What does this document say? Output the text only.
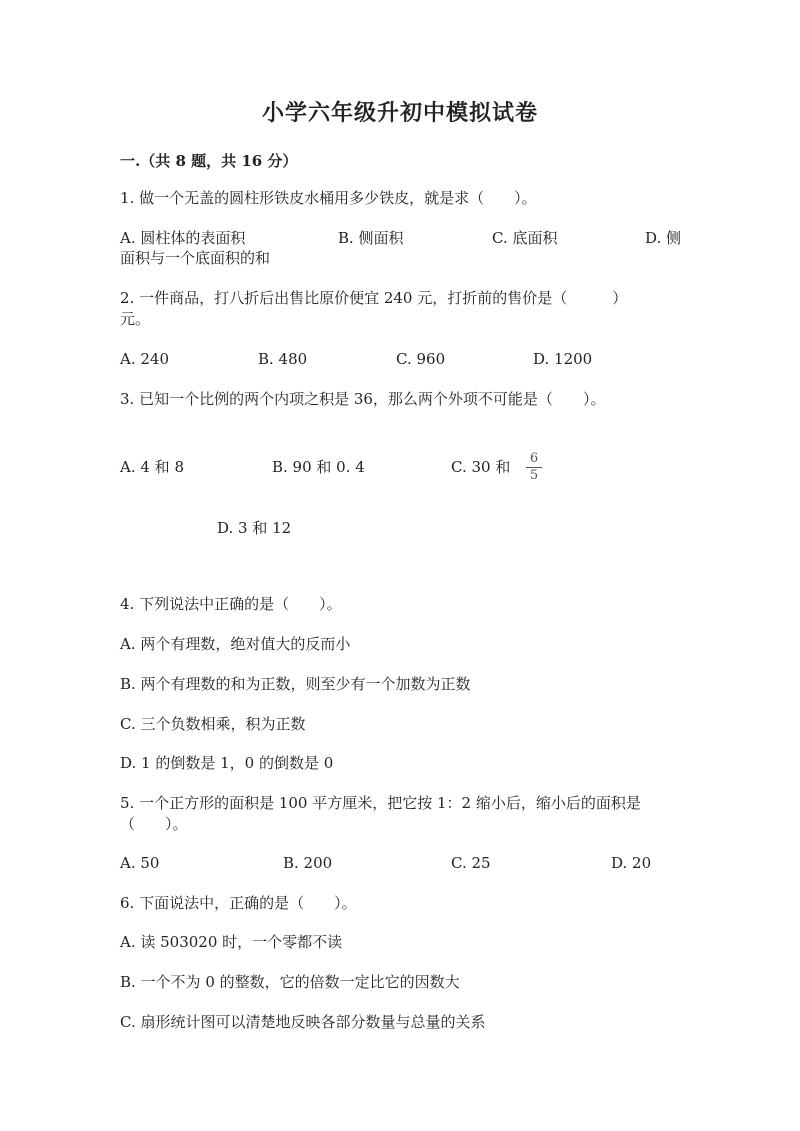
小学六年级升初中模拟试卷
一.（共 8 题，共 16 分）
1. 做一个无盖的圆柱形铁皮水桶用多少铁皮，就是求（　　）。
A. 圆柱体的表面积	B. 侧面积	C. 底面积	D. 侧
面积与一个底面积的和
2. 一件商品，打八折后出售比原价便宜 240 元，打折前的售价是（　　　）
元。
A. 240	B. 480	C. 960	D. 1200
3. 已知一个比例的两个内项之积是 36，那么两个外项不可能是（　　）。
A. 4 和 8	B. 90 和 0. 4	C. 30 和 6
5
D. 3 和 12
4. 下列说法中正确的是（　　）。
A. 两个有理数，绝对值大的反而小
B. 两个有理数的和为正数，则至少有一个加数为正数
C. 三个负数相乘，积为正数
D. 1 的倒数是 1，0 的倒数是 0
5. 一个正方形的面积是 100 平方厘米，把它按 1：2 缩小后，缩小后的面积是
（　　）。
A. 50	B. 200	C. 25	D. 20
6. 下面说法中，正确的是（　　）。
A. 读 503020 时，一个零都不读
B. 一个不为 0 的整数，它的倍数一定比它的因数大
C. 扇形统计图可以清楚地反映各部分数量与总量的关系
